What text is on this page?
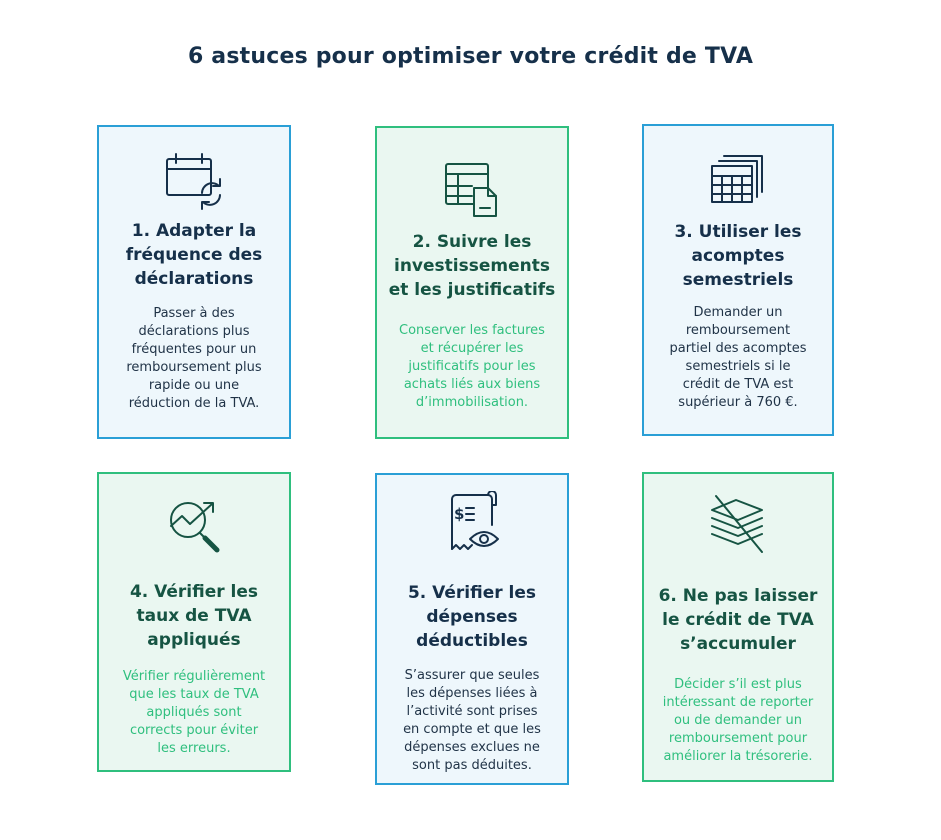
6 astuces pour optimiser votre crédit de TVA
1. Adapter la
fréquence des
déclarations

Passer à des

déclarations plus

fréquentes pour un

remboursement plus

rapide ou une

réduction de la TVA.

2. Suivre les
investissements
et les justificatifs

Conserver les factures

et récupérer les

justificatifs pour les

achats liés aux biens

d’immobilisation.

3. Utiliser les
acomptes
semestriels

Demander un

remboursement

partiel des acomptes

semestriels si le

crédit de TVA est

supérieur à 760 €.

4. Vérifier les
taux de TVA
appliqués

Vérifier régulièrement

que les taux de TVA

appliqués sont

corrects pour éviter

les erreurs.

$
5. Vérifier les
dépenses
déductibles

S’assurer que seules

les dépenses liées à

l’activité sont prises

en compte et que les

dépenses exclues ne

sont pas déduites.

6. Ne pas laisser
le crédit de TVA
s’accumuler

Décider s’il est plus

intéressant de reporter

ou de demander un

remboursement pour

améliorer la trésorerie.
